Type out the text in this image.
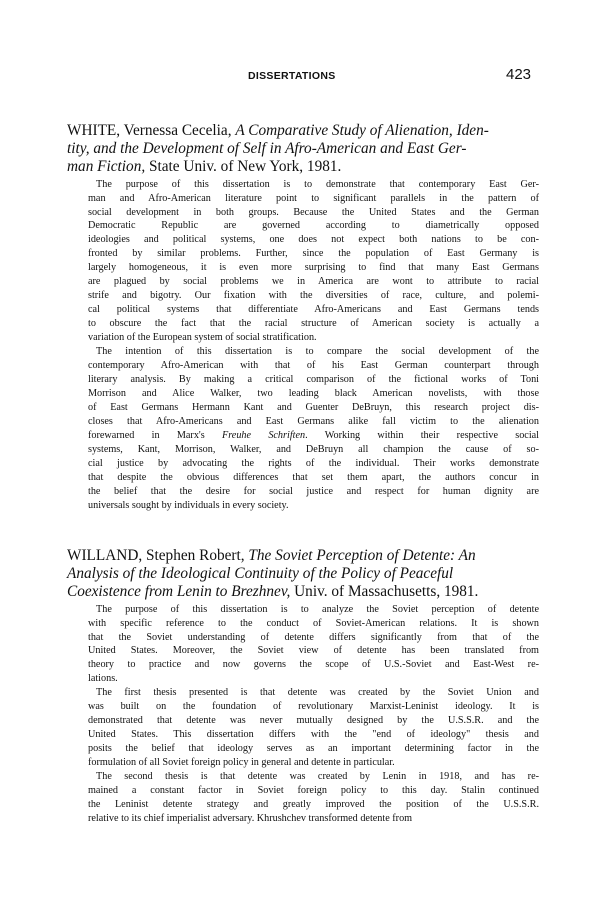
DISSERTATIONS	423

WHITE, Vernessa Cecelia, A Comparative Study of Alienation, Iden-
tity, and the Development of Self in Afro-American and East Ger-
man Fiction, State Univ. of New York, 1981.

The purpose of this dissertation is to demonstrate that contemporary East Ger-
man and Afro-American literature point to significant parallels in the pattern of
social development in both groups. Because the United States and the German
Democratic Republic are governed according to diametrically opposed
ideologies and political systems, one does not expect both nations to be con-
fronted by similar problems. Further, since the population of East Germany is
largely homogeneous, it is even more surprising to find that many East Germans
are plagued by social problems we in America are wont to attribute to racial
strife and bigotry. Our fixation with the diversities of race, culture, and polemi-
cal political systems that differentiate Afro-Americans and East Germans tends
to obscure the fact that the racial structure of American society is actually a
variation of the European system of social stratification.

The intention of this dissertation is to compare the social development of the
contemporary Afro-American with that of his East German counterpart through
literary analysis. By making a critical comparison of the fictional works of Toni
Morrison and Alice Walker, two leading black American novelists, with those
of East Germans Hermann Kant and Guenter DeBruyn, this research project dis-
closes that Afro-Americans and East Germans alike fall victim to the alienation
forewarned in Marx's Freuhe Schriften. Working within their respective social
systems, Kant, Morrison, Walker, and DeBruyn all champion the cause of so-
cial justice by advocating the rights of the individual. Their works demonstrate
that despite the obvious differences that set them apart, the authors concur in
the belief that the desire for social justice and respect for human dignity are
universals sought by individuals in every society.

WILLAND, Stephen Robert, The Soviet Perception of Detente: An
Analysis of the Ideological Continuity of the Policy of Peaceful
Coexistence from Lenin to Brezhnev, Univ. of Massachusetts, 1981.

The purpose of this dissertation is to analyze the Soviet perception of detente
with specific reference to the conduct of Soviet-American relations. It is shown
that the Soviet understanding of detente differs significantly from that of the
United States. Moreover, the Soviet view of detente has been translated from
theory to practice and now governs the scope of U.S.-Soviet and East-West re-
lations.

The first thesis presented is that detente was created by the Soviet Union and
was built on the foundation of revolutionary Marxist-Leninist ideology. It is
demonstrated that detente was never mutually designed by the U.S.S.R. and the
United States. This dissertation differs with the "end of ideology" thesis and
posits the belief that ideology serves as an important determining factor in the
formulation of all Soviet foreign policy in general and detente in particular.

The second thesis is that detente was created by Lenin in 1918, and has re-
mained a constant factor in Soviet foreign policy to this day. Stalin continued
the Leninist detente strategy and greatly improved the position of the U.S.S.R.
relative to its chief imperialist adversary. Khrushchev transformed detente from
